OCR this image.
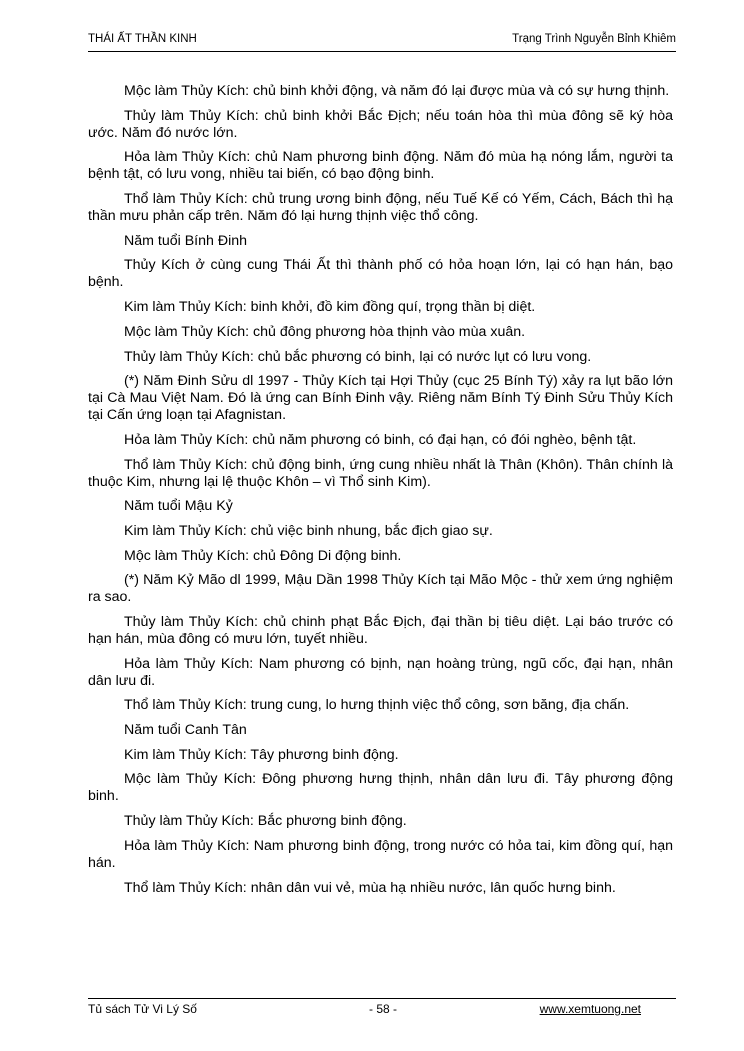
THÁI ẤT THẦN KINH	Trạng Trình Nguyễn Bỉnh Khiêm

Mộc làm Thủy Kích: chủ binh khởi động, và năm đó lại được mùa và có sự hưng thịnh.

Thủy làm Thủy Kích: chủ binh khởi Bắc Địch; nếu toán hòa thì mùa đông sẽ ký hòa ước. Năm đó nước lớn.

Hỏa làm Thủy Kích: chủ Nam phương binh động. Năm đó mùa hạ nóng lắm, người ta bệnh tật, có lưu vong, nhiều tai biến, có bạo động binh.

Thổ làm Thủy Kích: chủ trung ương binh động, nếu Tuế Kế có Yếm, Cách, Bách thì hạ thần mưu phản cấp trên. Năm đó lại hưng thịnh việc thổ công.

Năm tuổi Bính Đinh

Thủy Kích ở cùng cung Thái Ất thì thành phố có hỏa hoạn lớn, lại có hạn hán, bạo bệnh.

Kim làm Thủy Kích: binh khởi, đồ kim đồng quí, trọng thần bị diệt.

Mộc làm Thủy Kích: chủ đông phương hòa thịnh vào mùa xuân.

Thủy làm Thủy Kích: chủ bắc phương có binh, lại có nước lụt có lưu vong.

(*) Năm Đinh Sửu dl 1997 - Thủy Kích tại Hợi Thủy (cục 25 Bính Tý) xảy ra lụt bão lớn tại Cà Mau Việt Nam. Đó là ứng can Bính Đinh vậy. Riêng năm Bính Tý Đinh Sửu Thủy Kích tại Cấn ứng loạn tại Afagnistan.

Hỏa làm Thủy Kích: chủ năm phương có binh, có đại hạn, có đói nghèo, bệnh tật.

Thổ làm Thủy Kích: chủ động binh, ứng cung nhiều nhất là Thân (Khôn). Thân chính là thuộc Kim, nhưng lại lệ thuộc Khôn – vì Thổ sinh Kim).

Năm tuổi Mậu Kỷ

Kim làm Thủy Kích: chủ việc binh nhung, bắc địch giao sự.

Mộc làm Thủy Kích: chủ Đông Di động binh.

(*) Năm Kỷ Mão dl 1999, Mậu Dần 1998 Thủy Kích tại Mão Mộc - thử xem ứng nghiệm ra sao.

Thủy làm Thủy Kích: chủ chinh phạt Bắc Địch, đại thần bị tiêu diệt. Lại báo trước có hạn hán, mùa đông có mưu lớn, tuyết nhiều.

Hỏa làm Thủy Kích: Nam phương có bịnh, nạn hoàng trùng, ngũ cốc, đại hạn, nhân dân lưu đi.

Thổ làm Thủy Kích: trung cung, lo hưng thịnh việc thổ công, sơn băng, địa chấn.

Năm tuổi Canh Tân

Kim làm Thủy Kích: Tây phương binh động.

Mộc làm Thủy Kích: Đông phương hưng thịnh, nhân dân lưu đi. Tây phương động binh.

Thủy làm Thủy Kích: Bắc phương binh động.

Hỏa làm Thủy Kích: Nam phương binh động, trong nước có hỏa tai, kim đồng quí, hạn hán.

Thổ làm Thủy Kích: nhân dân vui vẻ, mùa hạ nhiều nước, lân quốc hưng binh.

Tủ sách Tử Vi Lý Số	- 58 -	www.xemtuong.net
